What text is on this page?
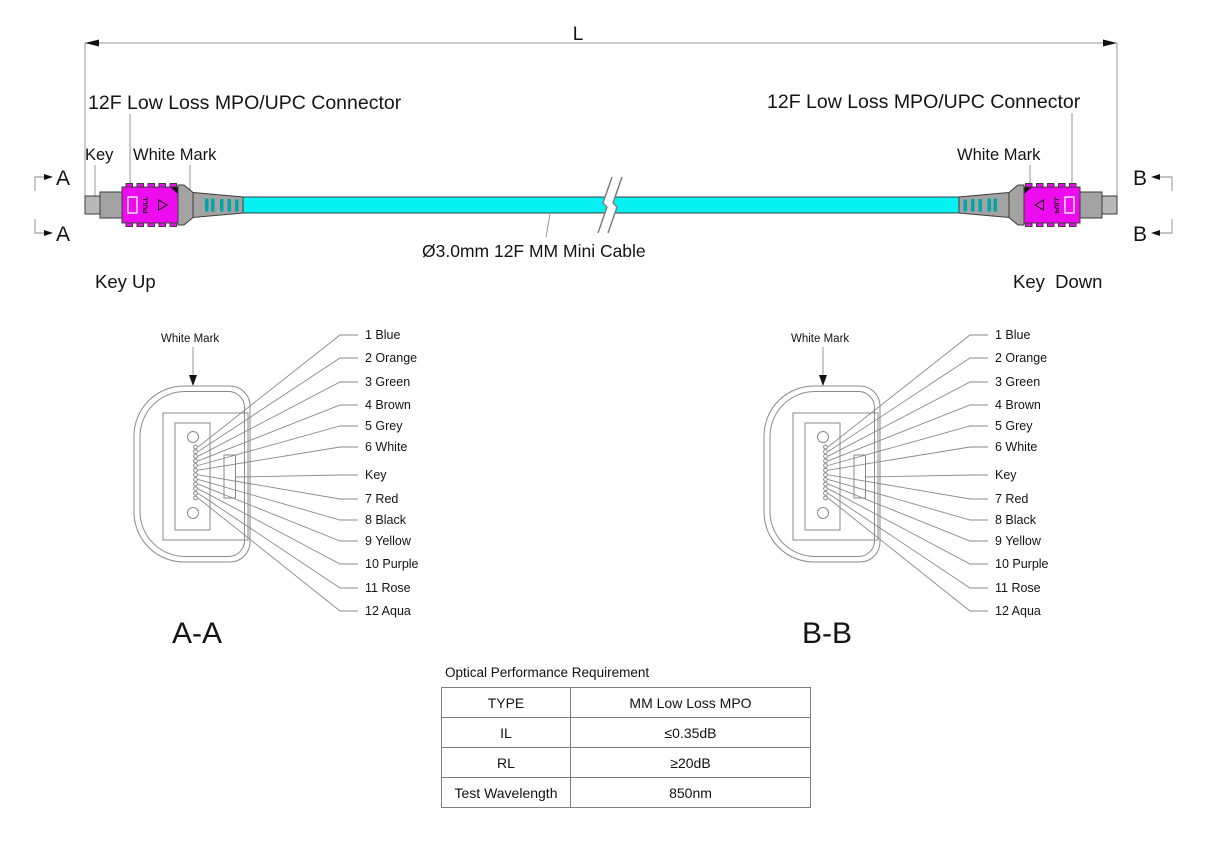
L
A
A
B
B
PULL
12F Low Loss MPO/UPC Connector	12F Low Loss MPO/UPC Connector
Key White Mark	White Mark
Ø3.0mm 12F MM Mini Cable
Key Up	Key  Down
White Mark	1 Blue
2 Orange
3 Green
4 Brown
5 Grey
6 White
Key
7 Red
8 Black
9 Yellow
10 Purple
11 Rose
12 Aqua
A-A
White Mark	1 Blue
2 Orange
3 Green
4 Brown
5 Grey
6 White
Key
7 Red
8 Black
9 Yellow
10 Purple
11 Rose
12 Aqua
B-B
Optical Performance Requirement
TYPE	MM Low Loss MPO
IL	≤0.35dB
RL	≥20dB
Test Wavelength	850nm
